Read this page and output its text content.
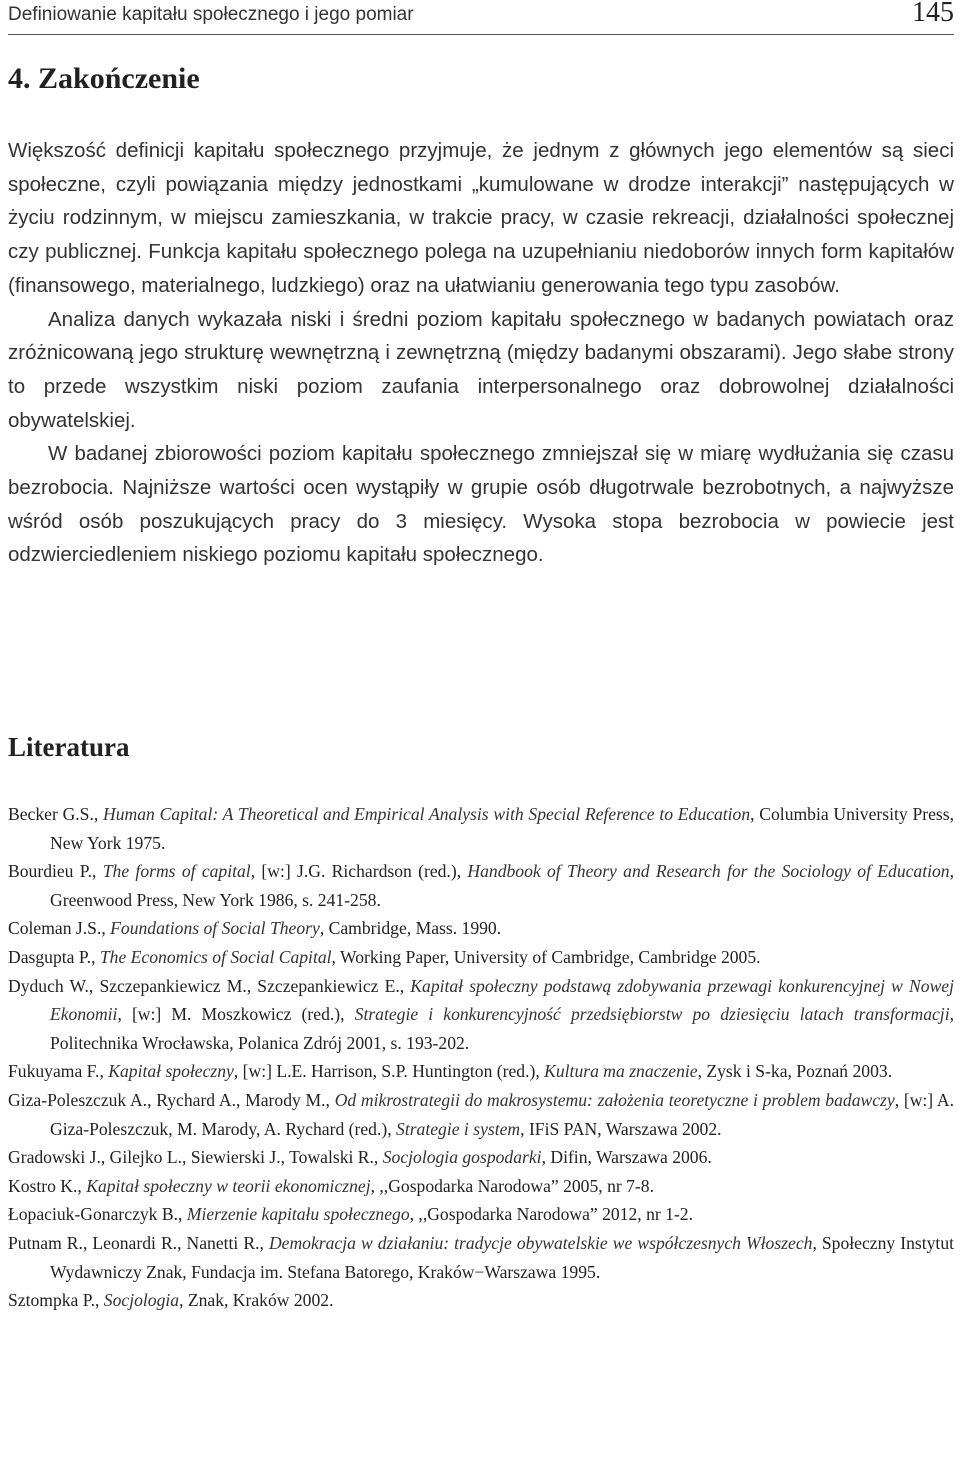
Definiowanie kapitału społecznego i jego pomiar	145
4. Zakończenie

Większość definicji kapitału społecznego przyjmuje, że jednym z głównych jego elementów są sieci społeczne, czyli powiązania między jednostkami „kumulowane w drodze interakcji” następujących w życiu rodzinnym, w miejscu zamieszkania, w trakcie pracy, w czasie rekreacji, działalności społecznej czy publicznej. Funkcja kapitału społecznego polega na uzupełnianiu niedoborów innych form kapitałów (finansowego, materialnego, ludzkiego) oraz na ułatwianiu generowania tego typu zasobów.

Analiza danych wykazała niski i średni poziom kapitału społecznego w badanych powiatach oraz zróżnicowaną jego strukturę wewnętrzną i zewnętrzną (między badanymi obszarami). Jego słabe strony to przede wszystkim niski poziom zaufania interpersonalnego oraz dobrowolnej działalności obywatelskiej.

W badanej zbiorowości poziom kapitału społecznego zmniejszał się w miarę wydłużania się czasu bezrobocia. Najniższe wartości ocen wystąpiły w grupie osób długotrwale bezrobotnych, a najwyższe wśród osób poszukujących pracy do 3 miesięcy. Wysoka stopa bezrobocia w powiecie jest odzwierciedleniem niskiego poziomu kapitału społecznego.

Literatura

Becker G.S., Human Capital: A Theoretical and Empirical Analysis with Special Reference to Education, Columbia University Press, New York 1975.

Bourdieu P., The forms of capital, [w:] J.G. Richardson (red.), Handbook of Theory and Research for the Sociology of Education, Greenwood Press, New York 1986, s. 241-258.

Coleman J.S., Foundations of Social Theory, Cambridge, Mass. 1990.

Dasgupta P., The Economics of Social Capital, Working Paper, University of Cambridge, Cambridge 2005.

Dyduch W., Szczepankiewicz M., Szczepankiewicz E., Kapitał społeczny podstawą zdobywania przewagi konkurencyjnej w Nowej Ekonomii, [w:] M. Moszkowicz (red.), Strategie i konkurencyjność przedsiębiorstw po dziesięciu latach transformacji, Politechnika Wrocławska, Polanica Zdrój 2001, s. 193-202.

Fukuyama F., Kapitał społeczny, [w:] L.E. Harrison, S.P. Huntington (red.), Kultura ma znaczenie, Zysk i S-ka, Poznań 2003.

Giza-Poleszczuk A., Rychard A., Marody M., Od mikrostrategii do makrosystemu: założenia teoretyczne i problem badawczy, [w:] A. Giza-Poleszczuk, M. Marody, A. Rychard (red.), Strategie i system, IFiS PAN, Warszawa 2002.

Gradowski J., Gilejko L., Siewierski J., Towalski R., Socjologia gospodarki, Difin, Warszawa 2006.

Kostro K., Kapitał społeczny w teorii ekonomicznej, ,,Gospodarka Narodowa” 2005, nr 7-8.

Łopaciuk-Gonarczyk B., Mierzenie kapitału społecznego, ,,Gospodarka Narodowa” 2012, nr 1-2.

Putnam R., Leonardi R., Nanetti R., Demokracja w działaniu: tradycje obywatelskie we współczesnych Włoszech, Społeczny Instytut Wydawniczy Znak, Fundacja im. Stefana Batorego, Kraków−Warszawa 1995.

Sztompka P., Socjologia, Znak, Kraków 2002.
